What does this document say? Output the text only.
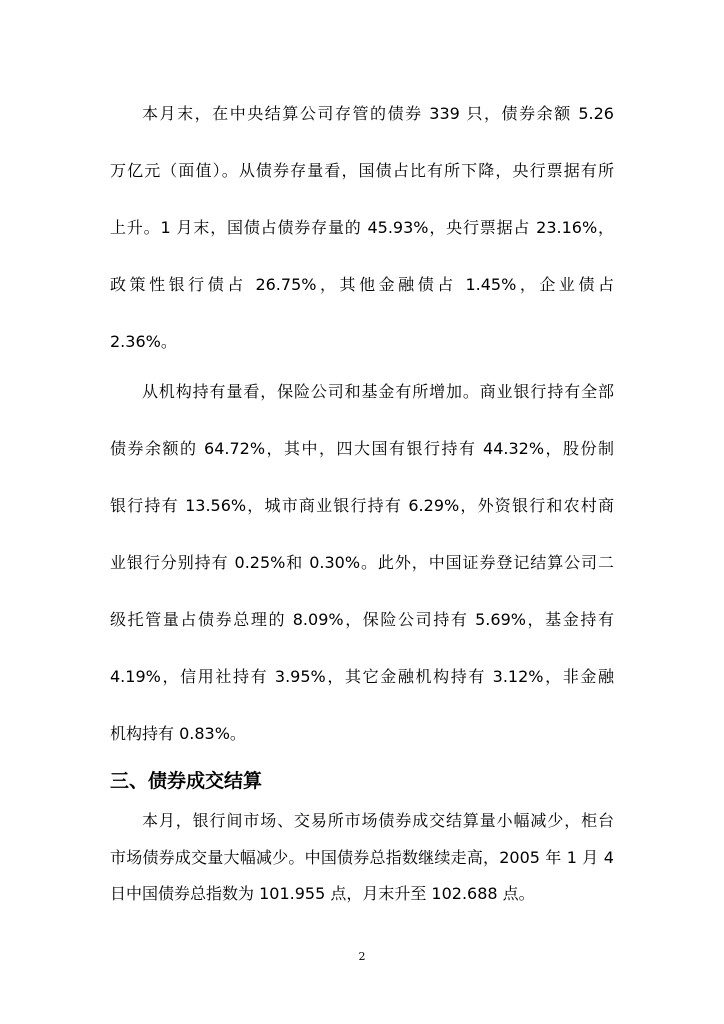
本月末，在中央结算公司存管的债券 339 只，债券余额 5.26
万亿元（面值）。从债券存量看，国债占比有所下降，央行票据有所
上升。1 月末，国债占债券存量的 45.93%，央行票据占 23.16%，
政策性银行债占 26.75%，其他金融债占 1.45%，企业债占
2.36%。
从机构持有量看，保险公司和基金有所增加。商业银行持有全部
债券余额的 64.72%，其中，四大国有银行持有 44.32%，股份制
银行持有 13.56%，城市商业银行持有 6.29%，外资银行和农村商
业银行分别持有 0.25%和 0.30%。此外，中国证券登记结算公司二
级托管量占债券总理的 8.09%，保险公司持有 5.69%，基金持有
4.19%，信用社持有 3.95%，其它金融机构持有 3.12%，非金融
机构持有 0.83%。
三、债券成交结算
本月，银行间市场、交易所市场债券成交结算量小幅减少，柜台
市场债券成交量大幅减少。中国债券总指数继续走高，2005 年 1 月 4
日中国债券总指数为 101.955 点，月末升至 102.688 点。
2
